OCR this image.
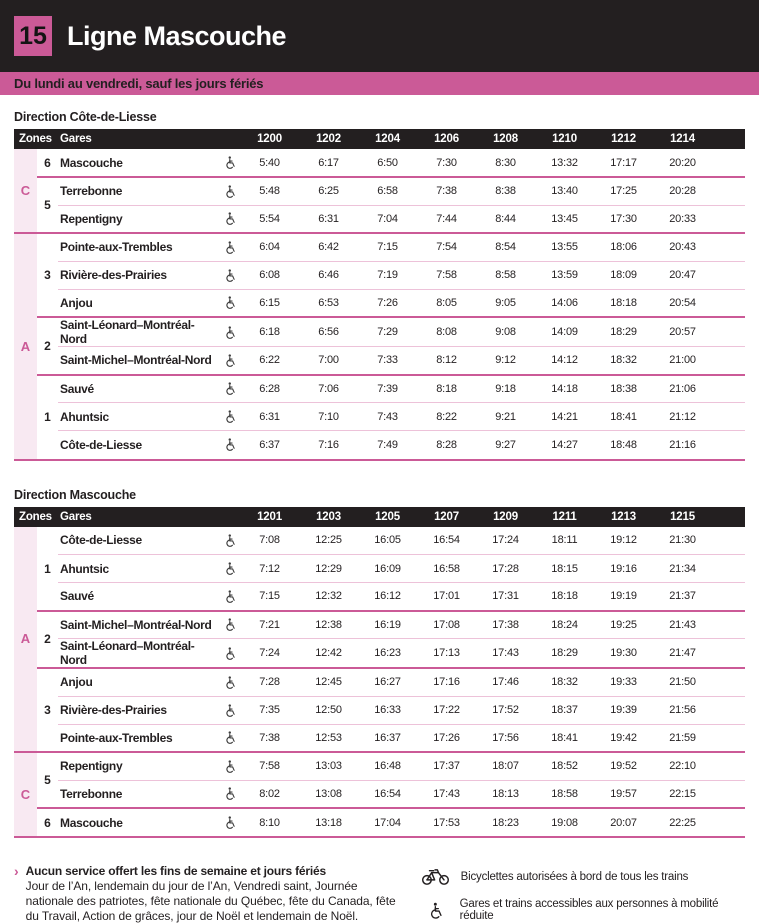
15 Ligne Mascouche
Du lundi au vendredi, sauf les jours fériés
Direction Côte-de-Liesse
Zones		Gares		1200	1202	1204	1206	1208	1210	1212	1214	
C	6	Mascouche		5:40	6:17	6:50	7:30	8:30	13:32	17:17	20:20	
	5	Terrebonne		5:48	6:25	6:58	7:38	8:38	13:40	17:25	20:28	
		Repentigny		5:54	6:31	7:04	7:44	8:44	13:45	17:30	20:33	
A		Pointe-aux-Trembles		6:04	6:42	7:15	7:54	8:54	13:55	18:06	20:43	
	3	Rivière-des-Prairies		6:08	6:46	7:19	7:58	8:58	13:59	18:09	20:47	
		Anjou		6:15	6:53	7:26	8:05	9:05	14:06	18:18	20:54	
	2	Saint-Léonard–Montréal-Nord		6:18	6:56	7:29	8:08	9:08	14:09	18:29	20:57	
		Saint-Michel–Montréal-Nord		6:22	7:00	7:33	8:12	9:12	14:12	18:32	21:00	
		Sauvé		6:28	7:06	7:39	8:18	9:18	14:18	18:38	21:06	
	1	Ahuntsic		6:31	7:10	7:43	8:22	9:21	14:21	18:41	21:12	
		Côte-de-Liesse		6:37	7:16	7:49	8:28	9:27	14:27	18:48	21:16	
Direction Mascouche
Zones		Gares		1201	1203	1205	1207	1209	1211	1213	1215	
A		Côte-de-Liesse		7:08	12:25	16:05	16:54	17:24	18:11	19:12	21:30	
	1	Ahuntsic		7:12	12:29	16:09	16:58	17:28	18:15	19:16	21:34	
		Sauvé		7:15	12:32	16:12	17:01	17:31	18:18	19:19	21:37	
	2	Saint-Michel–Montréal-Nord		7:21	12:38	16:19	17:08	17:38	18:24	19:25	21:43	
		Saint-Léonard–Montréal-Nord		7:24	12:42	16:23	17:13	17:43	18:29	19:30	21:47	
		Anjou		7:28	12:45	16:27	17:16	17:46	18:32	19:33	21:50	
	3	Rivière-des-Prairies		7:35	12:50	16:33	17:22	17:52	18:37	19:39	21:56	
		Pointe-aux-Trembles		7:38	12:53	16:37	17:26	17:56	18:41	19:42	21:59	
C	5	Repentigny		7:58	13:03	16:48	17:37	18:07	18:52	19:52	22:10	
		Terrebonne		8:02	13:08	16:54	17:43	18:13	18:58	19:57	22:15	
	6	Mascouche		8:10	13:18	17:04	17:53	18:23	19:08	20:07	22:25	
› Aucun service offert les fins de semaine et jours fériés
Jour de l’An, lendemain du jour de l’An, Vendredi saint, Journée nationale des patriotes, fête nationale du Québec, fête du Canada, fête du Travail, Action de grâces, jour de Noël et lendemain de Noël.
Bicyclettes autorisées à bord de tous les trains
Gares et trains accessibles aux personnes à mobilité réduite
